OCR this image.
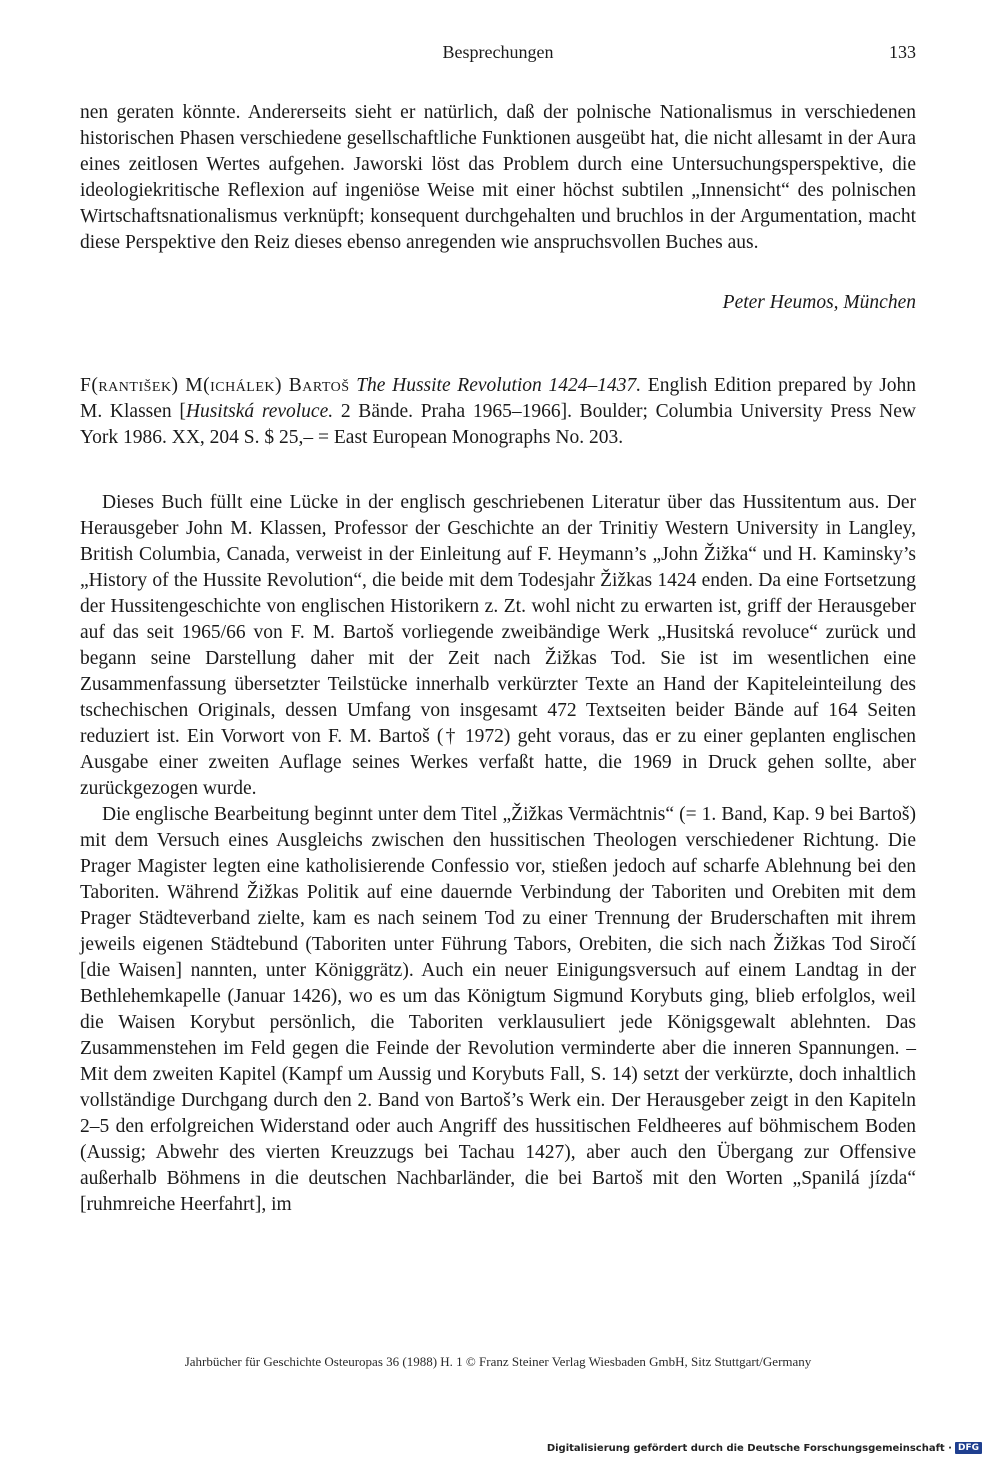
Besprechungen	133

nen geraten könnte. Andererseits sieht er natürlich, daß der polnische Nationalismus in verschiedenen historischen Phasen verschiedene gesellschaftliche Funktionen ausgeübt hat, die nicht allesamt in der Aura eines zeitlosen Wertes aufgehen. Jaworski löst das Problem durch eine Untersuchungsperspektive, die ideologiekritische Reflexion auf ingeniöse Weise mit einer höchst subtilen „Innensicht“ des polnischen Wirtschaftsnationalismus verknüpft; konsequent durchgehalten und bruchlos in der Argumentation, macht diese Perspektive den Reiz dieses ebenso anregenden wie anspruchsvollen Buches aus.

Peter Heumos, München

F(rantišek) M(ichálek) Bartoš The Hussite Revolution 1424–1437. English Edition prepared by John M. Klassen [Husitská revoluce. 2 Bände. Praha 1965–1966]. Boulder; Columbia University Press New York 1986. XX, 204 S. $ 25,– = East European Monographs No. 203.

Dieses Buch füllt eine Lücke in der englisch geschriebenen Literatur über das Hussitentum aus. Der Herausgeber John M. Klassen, Professor der Geschichte an der Trinitiy Western University in Langley, British Columbia, Canada, verweist in der Einleitung auf F. Heymann’s „John Žižka“ und H. Kaminsky’s „History of the Hussite Revolution“, die beide mit dem Todesjahr Žižkas 1424 enden. Da eine Fortsetzung der Hussitengeschichte von englischen Historikern z. Zt. wohl nicht zu erwarten ist, griff der Herausgeber auf das seit 1965/66 von F. M. Bartoš vorliegende zweibändige Werk „Husitská revoluce“ zurück und begann seine Darstellung daher mit der Zeit nach Žižkas Tod. Sie ist im wesentlichen eine Zusammenfassung übersetzter Teilstücke innerhalb verkürzter Texte an Hand der Kapiteleinteilung des tschechischen Originals, dessen Umfang von insgesamt 472 Textseiten beider Bände auf 164 Seiten reduziert ist. Ein Vorwort von F. M. Bartoš († 1972) geht voraus, das er zu einer geplanten englischen Ausgabe einer zweiten Auflage seines Werkes verfaßt hatte, die 1969 in Druck gehen sollte, aber zurückgezogen wurde.

Die englische Bearbeitung beginnt unter dem Titel „Žižkas Vermächtnis“ (= 1. Band, Kap. 9 bei Bartoš) mit dem Versuch eines Ausgleichs zwischen den hussitischen Theologen verschiedener Richtung. Die Prager Magister legten eine katholisierende Confessio vor, stießen jedoch auf scharfe Ablehnung bei den Taboriten. Während Žižkas Politik auf eine dauernde Verbindung der Taboriten und Orebiten mit dem Prager Städteverband zielte, kam es nach seinem Tod zu einer Trennung der Bruderschaften mit ihrem jeweils eigenen Städtebund (Taboriten unter Führung Tabors, Orebiten, die sich nach Žižkas Tod Siročí [die Waisen] nannten, unter Königgrätz). Auch ein neuer Einigungsversuch auf einem Landtag in der Bethlehemkapelle (Januar 1426), wo es um das Königtum Sigmund Korybuts ging, blieb erfolglos, weil die Waisen Korybut persönlich, die Taboriten verklausuliert jede Königsgewalt ablehnten. Das Zusammenstehen im Feld gegen die Feinde der Revolution verminderte aber die inneren Spannungen. – Mit dem zweiten Kapitel (Kampf um Aussig und Korybuts Fall, S. 14) setzt der verkürzte, doch inhaltlich vollständige Durchgang durch den 2. Band von Bartoš’s Werk ein. Der Herausgeber zeigt in den Kapiteln 2–5 den erfolgreichen Widerstand oder auch Angriff des hussitischen Feldheeres auf böhmischem Boden (Aussig; Abwehr des vierten Kreuzzugs bei Tachau 1427), aber auch den Übergang zur Offensive außerhalb Böhmens in die deutschen Nachbarländer, die bei Bartoš mit den Worten „Spanilá jízda“ [ruhmreiche Heerfahrt], im

Jahrbücher für Geschichte Osteuropas 36 (1988) H. 1 © Franz Steiner Verlag Wiesbaden GmbH, Sitz Stuttgart/Germany
Digitalisierung gefördert durch die Deutsche Forschungsgemeinschaft · DFG
